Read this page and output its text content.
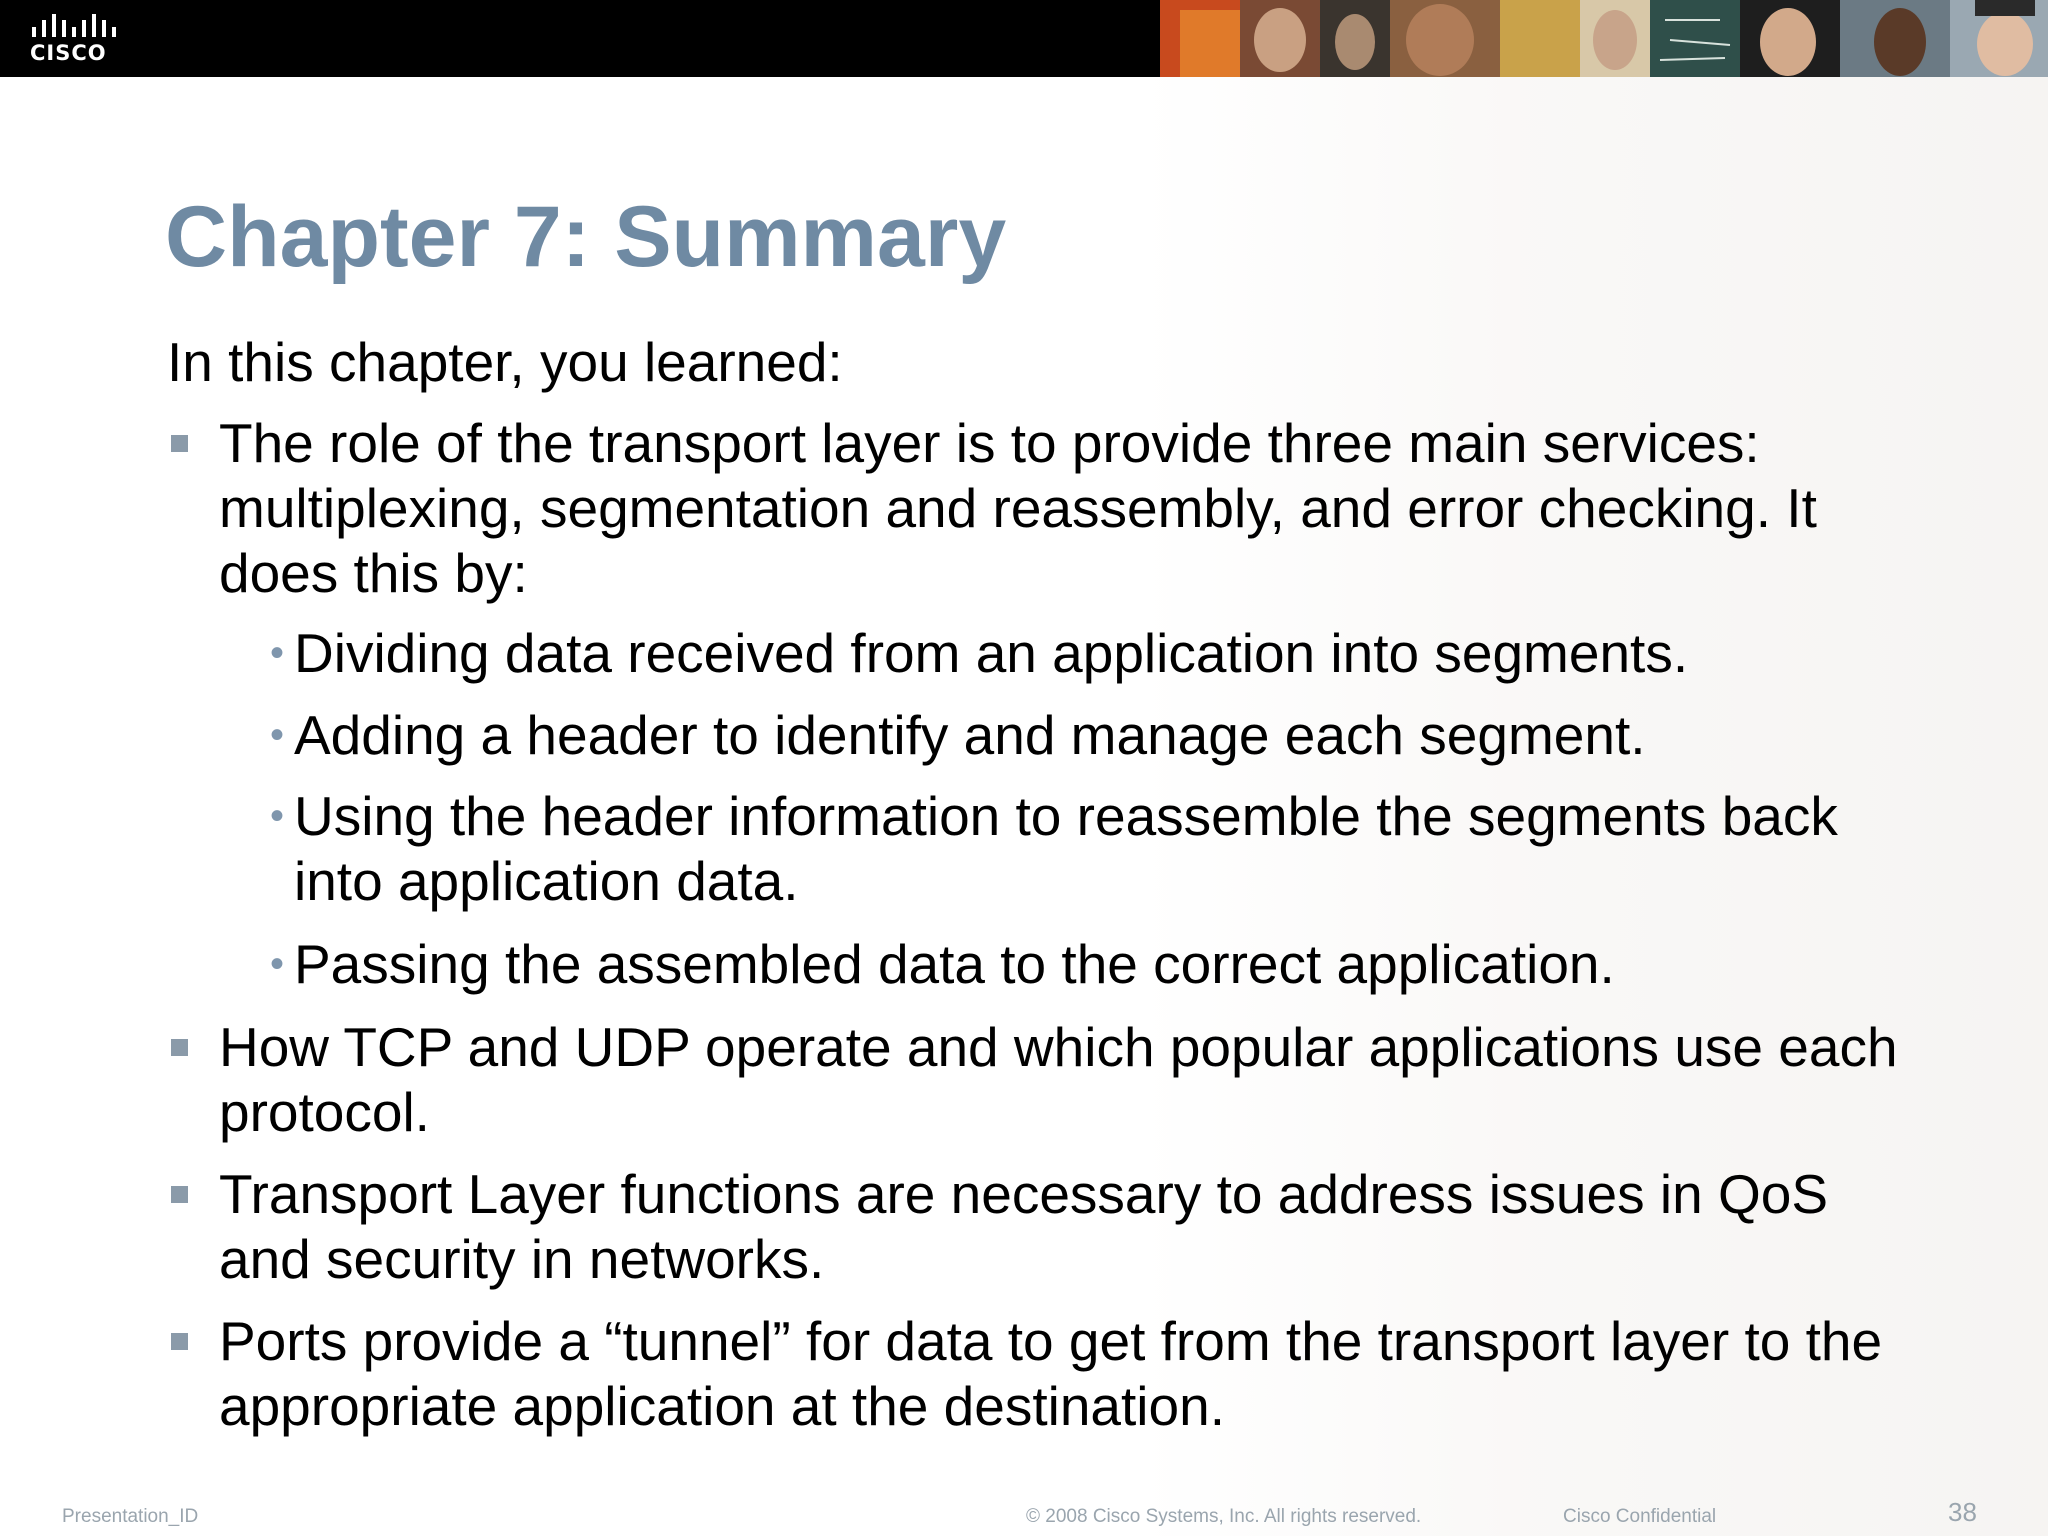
CISCO
Chapter 7: Summary
In this chapter, you learned:
The role of the transport layer is to provide three main services: multiplexing, segmentation and reassembly, and error checking. It does this by:
• Dividing data received from an application into segments.
• Adding a header to identify and manage each segment.
• Using the header information to reassemble the segments back into application data.
• Passing the assembled data to the correct application.
How TCP and UDP operate and which popular applications use each protocol.
Transport Layer functions are necessary to address issues in QoS and security in networks.
Ports provide a “tunnel” for data to get from the transport layer to the appropriate application at the destination.
Presentation_ID	© 2008 Cisco Systems, Inc. All rights reserved.	Cisco Confidential	38
